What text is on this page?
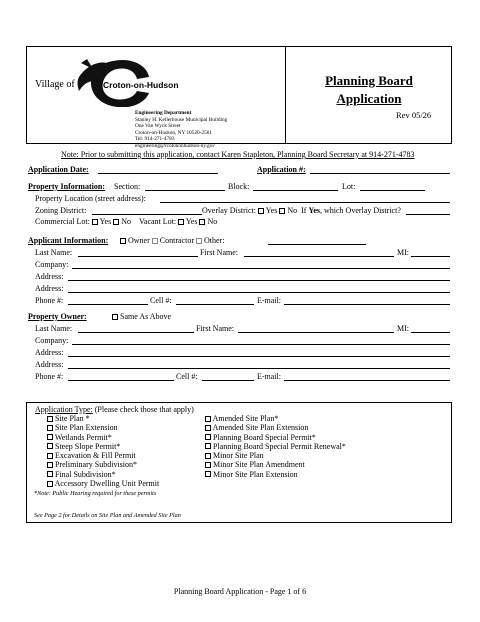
Village of	Croton-on-Hudson
Engineering Department
Stanley H. Kellerhouse Municipal Building
One Van Wyck Street
Croton-on-Hudson, NY 10520-2501
Tel: 914-271-4783
engineering@crotononhudson-ny.gov
Planning Board
Application
Rev 05/26
Note: Prior to submitting this application, contact Karen Stapleton, Planning Board Secretary at 914-271-4783
Application Date:	Application #:
Property Information: Section:	Block:	Lot:
Property Location (street address):
Zoning District:	Overlay District: Yes No If Yes, which Overlay District?
Commercial Lot: Yes No Vacant Lot: Yes No
Applicant Information:	Owner Contractor Other:
Last Name:	First Name:	MI:
Company:
Address:
Address:
Phone #:	Cell #:	E-mail:
Property Owner:	Same As Above
Last Name:	First Name:	MI:
Company:
Address:
Address:
Phone #:	Cell #:	E-mail:
Application Type: (Please check those that apply)
Site Plan *
Site Plan Extension
Wetlands Permit*
Steep Slope Permit*
Excavation & Fill Permit
Preliminary Subdivision*
Final Subdivision*
Accessory Dwelling Unit Permit
Amended Site Plan*
Amended Site Plan Extension
Planning Board Special Permit*
Planning Board Special Permit Renewal*
Minor Site Plan
Minor Site Plan Amendment
Minor Site Plan Extension
*Note: Public Hearing required for these permits
See Page 2 for Details on Site Plan and Amended Site Plan
Planning Board Application - Page 1 of 6
